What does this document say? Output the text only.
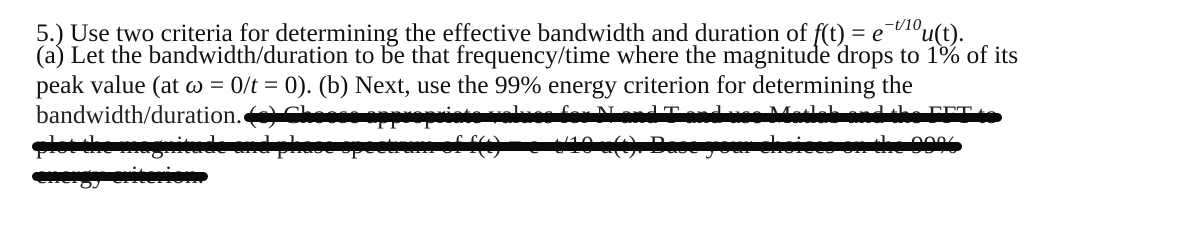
5.) Use two criteria for determining the effective bandwidth and duration of $f(t) = e^{-t/10}u(t)$.
(a) Let the bandwidth/duration to be that frequency/time where the magnitude drops to 1% of its
peak value (at ω = 0/t = 0). (b) Next, use the 99% energy criterion for determining the
bandwidth/duration.
